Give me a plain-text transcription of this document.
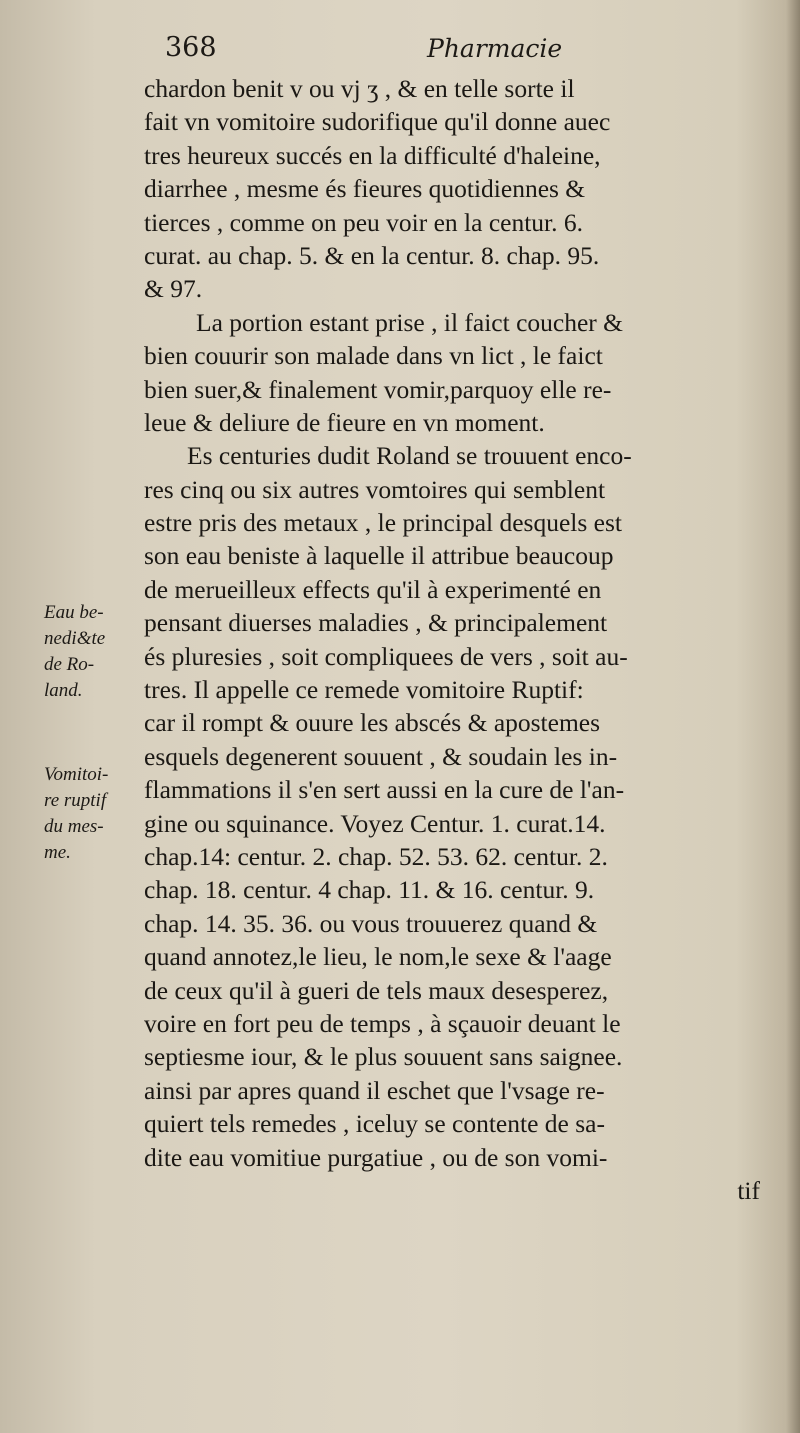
368	Pharmacie
Eau be-
nedi&te
de Ro-
land.
Vomitoi-
re ruptif
du mes-
me.
chardon benit v ou vj ʒ , & en telle sorte il
fait vn vomitoire sudorifique qu'il donne auec
tres heureux succés en la difficulté d'haleine,
diarrhee , mesme és fieures quotidiennes &
tierces , comme on peu voir en la centur. 6.
curat. au chap. 5. & en la centur. 8. chap. 95.
& 97.
La portion estant prise , il faict coucher &
bien couurir son malade dans vn lict , le faict
bien suer,& finalement vomir,parquoy elle re-
leue & deliure de fieure en vn moment.
Es centuries dudit Roland se trouuent enco-
res cinq ou six autres vomtoires qui semblent
estre pris des metaux , le principal desquels est
son eau beniste à laquelle il attribue beaucoup
de merueilleux effects qu'il à experimenté en
pensant diuerses maladies , & principalement
és pluresies , soit compliquees de vers , soit au-
tres. Il appelle ce remede vomitoire Ruptif:
car il rompt & ouure les abscés & apostemes
esquels degenerent souuent , & soudain les in-
flammations il s'en sert aussi en la cure de l'an-
gine ou squinance. Voyez Centur. 1. curat.14.
chap.14: centur. 2. chap. 52. 53. 62. centur. 2.
chap. 18. centur. 4 chap. 11. & 16. centur. 9.
chap. 14. 35. 36. ou vous trouuerez quand &
quand annotez,le lieu, le nom,le sexe & l'aage
de ceux qu'il à gueri de tels maux desesperez,
voire en fort peu de temps , à sçauoir deuant le
septiesme iour, & le plus souuent sans saignee.
ainsi par apres quand il eschet que l'vsage re-
quiert tels remedes , iceluy se contente de sa-
dite eau vomitiue purgatiue , ou de son vomi-
tif
